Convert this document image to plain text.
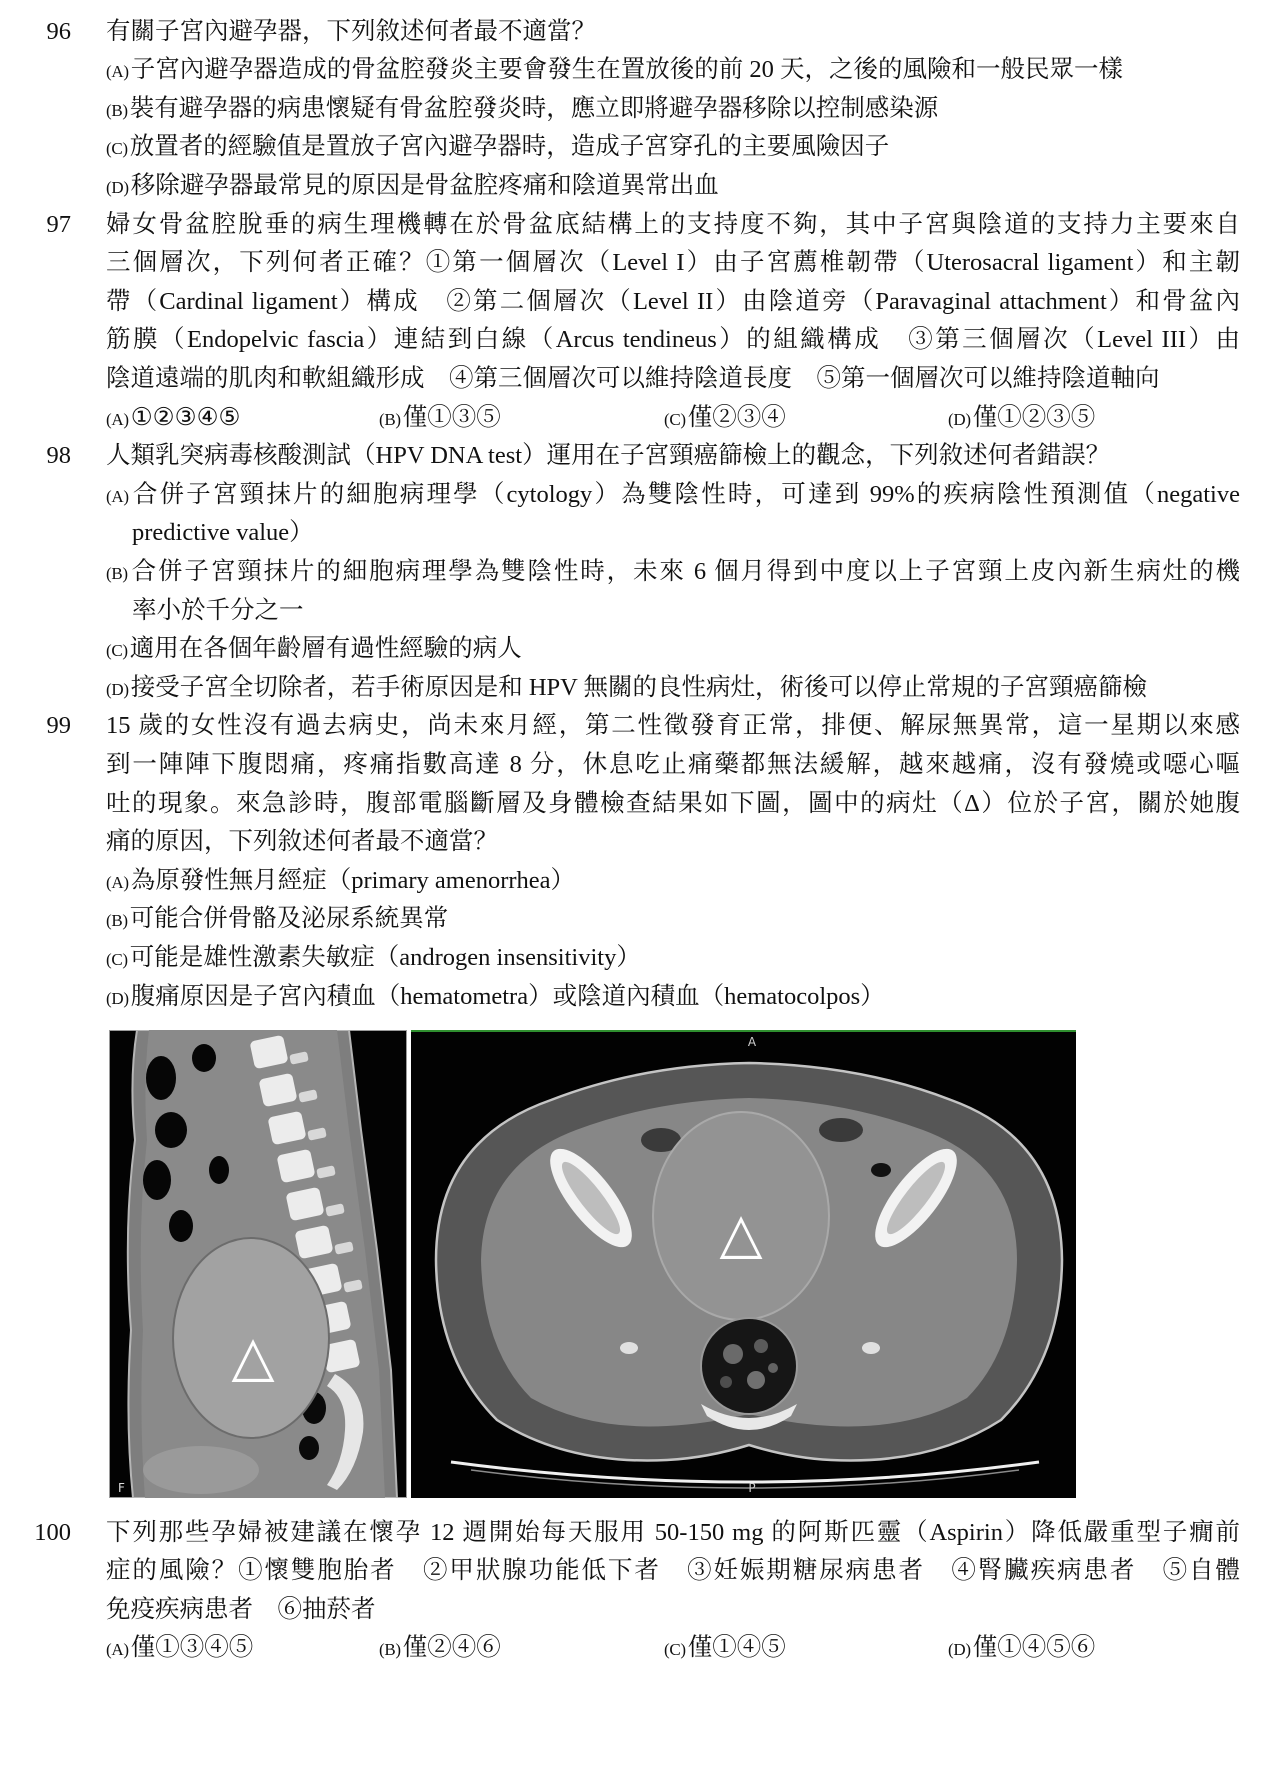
96 有關子宮內避孕器，下列敘述何者最不適當？
(A)子宮內避孕器造成的骨盆腔發炎主要會發生在置放後的前 20 天，之後的風險和一般民眾一樣
(B)裝有避孕器的病患懷疑有骨盆腔發炎時，應立即將避孕器移除以控制感染源
(C)放置者的經驗值是置放子宮內避孕器時，造成子宮穿孔的主要風險因子
(D)移除避孕器最常見的原因是骨盆腔疼痛和陰道異常出血
97 婦女骨盆腔脫垂的病生理機轉在於骨盆底結構上的支持度不夠，其中子宮與陰道的支持力主要來自
三個層次，下列何者正確？①第一個層次（Level I）由子宮薦椎韌帶（Uterosacral ligament）和主韌
帶（Cardinal ligament）構成　②第二個層次（Level II）由陰道旁（Paravaginal attachment）和骨盆內
筋膜（Endopelvic fascia）連結到白線（Arcus tendineus）的組織構成　③第三個層次（Level III）由
陰道遠端的肌肉和軟組織形成　④第三個層次可以維持陰道長度　⑤第一個層次可以維持陰道軸向
(A)①②③④⑤	(B)僅①③⑤	(C)僅②③④	(D)僅①②③⑤
98 人類乳突病毒核酸測試（HPV DNA test）運用在子宮頸癌篩檢上的觀念，下列敘述何者錯誤？
(A)合併子宮頸抹片的細胞病理學（cytology）為雙陰性時，可達到 99%的疾病陰性預測值（negative
predictive value）
(B)合併子宮頸抹片的細胞病理學為雙陰性時，未來 6 個月得到中度以上子宮頸上皮內新生病灶的機
率小於千分之一
(C)適用在各個年齡層有過性經驗的病人
(D)接受子宮全切除者，若手術原因是和 HPV 無關的良性病灶，術後可以停止常規的子宮頸癌篩檢
99 15 歲的女性沒有過去病史，尚未來月經，第二性徵發育正常，排便、解尿無異常，這一星期以來感
到一陣陣下腹悶痛，疼痛指數高達 8 分，休息吃止痛藥都無法緩解，越來越痛，沒有發燒或噁心嘔
吐的現象。來急診時，腹部電腦斷層及身體檢查結果如下圖，圖中的病灶（Δ）位於子宮，關於她腹
痛的原因，下列敘述何者最不適當？
(A)為原發性無月經症（primary amenorrhea）
(B)可能合併骨骼及泌尿系統異常
(C)可能是雄性激素失敏症（androgen insensitivity）
(D)腹痛原因是子宮內積血（hematometra）或陰道內積血（hematocolpos）
△
F
△
A
P
100 下列那些孕婦被建議在懷孕 12 週開始每天服用 50-150 mg 的阿斯匹靈（Aspirin）降低嚴重型子癇前
症的風險？①懷雙胞胎者　②甲狀腺功能低下者　③妊娠期糖尿病患者　④腎臟疾病患者　⑤自體
免疫疾病患者　⑥抽菸者
(A)僅①③④⑤	(B)僅②④⑥	(C)僅①④⑤	(D)僅①④⑤⑥
